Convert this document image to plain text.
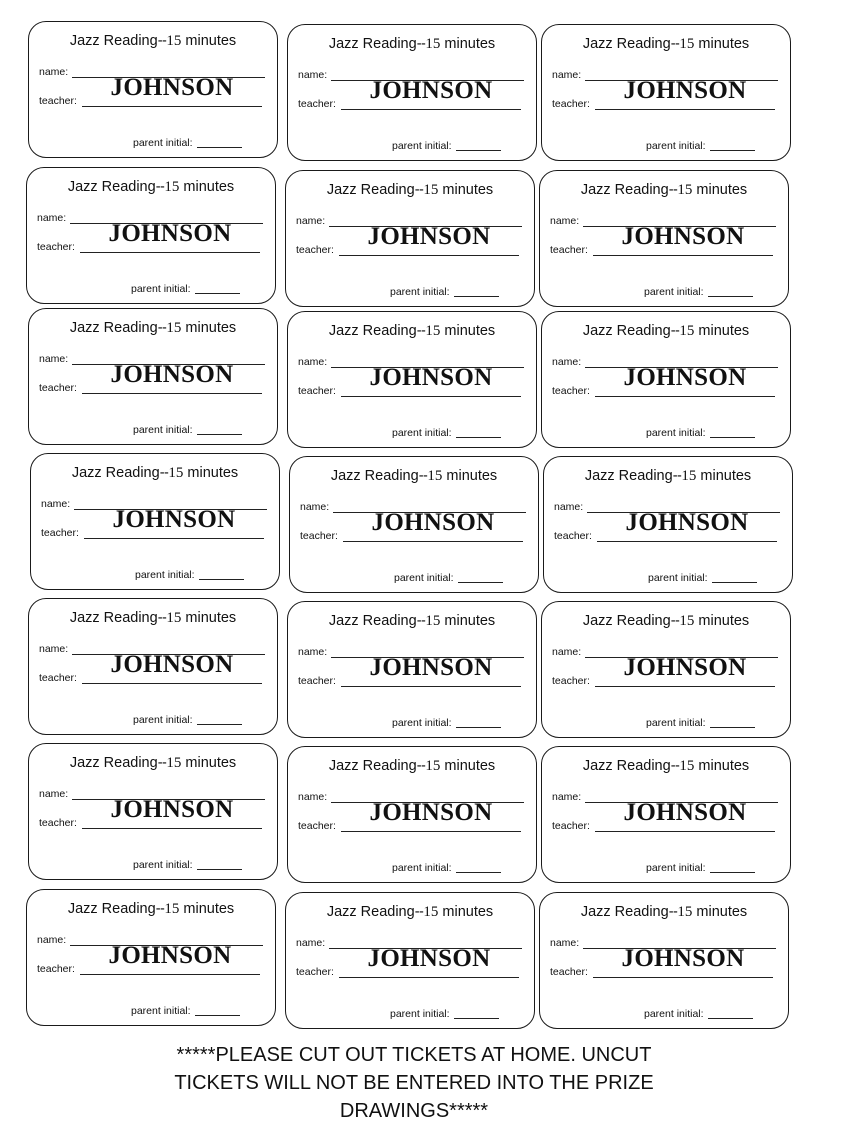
Jazz Reading--15 minutes
name:
teacher:	JOHNSON
parent initial:
Jazz Reading--15 minutes
name:
teacher:	JOHNSON
parent initial:
Jazz Reading--15 minutes
name:
teacher:	JOHNSON
parent initial:
Jazz Reading--15 minutes
name:
teacher:	JOHNSON
parent initial:
Jazz Reading--15 minutes
name:
teacher:	JOHNSON
parent initial:
Jazz Reading--15 minutes
name:
teacher:	JOHNSON
parent initial:
Jazz Reading--15 minutes
name:
teacher:	JOHNSON
parent initial:
Jazz Reading--15 minutes
name:
teacher:	JOHNSON
parent initial:
Jazz Reading--15 minutes
name:
teacher:	JOHNSON
parent initial:
Jazz Reading--15 minutes
name:
teacher:	JOHNSON
parent initial:
Jazz Reading--15 minutes
name:
teacher:	JOHNSON
parent initial:
Jazz Reading--15 minutes
name:
teacher:	JOHNSON
parent initial:
Jazz Reading--15 minutes
name:
teacher:	JOHNSON
parent initial:
Jazz Reading--15 minutes
name:
teacher:	JOHNSON
parent initial:
Jazz Reading--15 minutes
name:
teacher:	JOHNSON
parent initial:
Jazz Reading--15 minutes
name:
teacher:	JOHNSON
parent initial:
Jazz Reading--15 minutes
name:
teacher:	JOHNSON
parent initial:
Jazz Reading--15 minutes
name:
teacher:	JOHNSON
parent initial:
Jazz Reading--15 minutes
name:
teacher:	JOHNSON
parent initial:
Jazz Reading--15 minutes
name:
teacher:	JOHNSON
parent initial:
Jazz Reading--15 minutes
name:
teacher:	JOHNSON
parent initial:
*****PLEASE CUT OUT TICKETS AT HOME. UNCUT
TICKETS WILL NOT BE ENTERED INTO THE PRIZE
DRAWINGS*****
